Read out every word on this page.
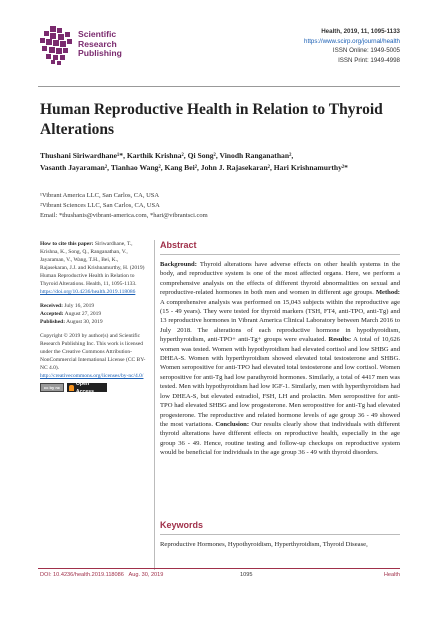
Scientific
Research
Publishing
Health, 2019, 11, 1095-1133
https://www.scirp.org/journal/health
ISSN Online: 1949-5005
ISSN Print: 1949-4998
Human Reproductive Health in Relation to Thyroid Alterations
Thushani Siriwardhane¹*, Karthik Krishna², Qi Song², Vinodh Ranganathan²,
Vasanth Jayaraman², Tianhao Wang², Kang Bei², John J. Rajasekaran², Hari Krishnamurthy²*
¹Vibrant America LLC, San Carlos, CA, USA
²Vibrant Sciences LLC, San Carlos, CA, USA
Email: *thushanis@vibrant-america.com, *hari@vibrantsci.com
How to cite this paper: Siriwardhane, T., Krishna, K., Song, Q., Ranganathan, V., Jayaraman, V., Wang, T.H., Bei, K., Rajasekaran, J.J. and Krishnamurthy, H. (2019) Human Reproductive Health in Relation to Thyroid Alterations. Health, 11, 1095-1133.
https://doi.org/10.4236/health.2019.118086
Received: July 16, 2019
Accepted: August 27, 2019
Published: August 30, 2019
Copyright © 2019 by author(s) and Scientific Research Publishing Inc. This work is licensed under the Creative Commons Attribution-NonCommercial International License (CC BY-NC 4.0).
http://creativecommons.org/licenses/by-nc/4.0/
cc by nc
Open Access
Abstract

Background: Thyroid alterations have adverse effects on other health systems in the body, and reproductive system is one of the most affected organs. Here, we perform a comprehensive analysis on the effects of different thyroid abnormalities on sexual and reproductive-related hormones in both men and women in different age groups. Method: A comprehensive analysis was performed on 15,043 subjects within the reproductive age (15 - 49 years). They were tested for thyroid markers (TSH, FT4, anti-TPO, anti-Tg) and 13 reproductive hormones in Vibrant America Clinical Laboratory between March 2016 to July 2018. The alterations of each reproductive hormone in hypothyroidism, hyperthyroidism, anti-TPO+ anti-Tg+ groups were evaluated. Results: A total of 10,626 women was tested. Women with hypothyroidism had elevated cortisol and low SHBG and DHEA-S. Women with hyperthyroidism showed elevated total testosterone and SHBG. Women seropositive for anti-TPO had elevated total testosterone and low cortisol. Women seropositive for anti-Tg had low parathyroid hormones. Similarly, a total of 4417 men was tested. Men with hypothyroidism had low IGF-1. Similarly, men with hyperthyroidism had low DHEA-S, but elevated estradiol, FSH, LH and prolactin. Men seropositive for anti-TPO had elevated SHBG and low progesterone. Men seropositive for anti-Tg had elevated progesterone. The reproductive and related hormone levels of age group 36 - 49 showed the most variations. Conclusion: Our results clearly show that individuals with different thyroid alterations have different effects on reproductive health, especially in the age group 36 - 49. Hence, routine testing and follow-up checkups on reproductive system would be beneficial for individuals in the age group 36 - 49 with thyroid disorders.

Keywords

Reproductive Hormones, Hypothyroidism, Hyperthyroidism, Thyroid Disease,

DOI: 10.4236/health.2019.118086 Aug. 30, 2019	1095	Health
